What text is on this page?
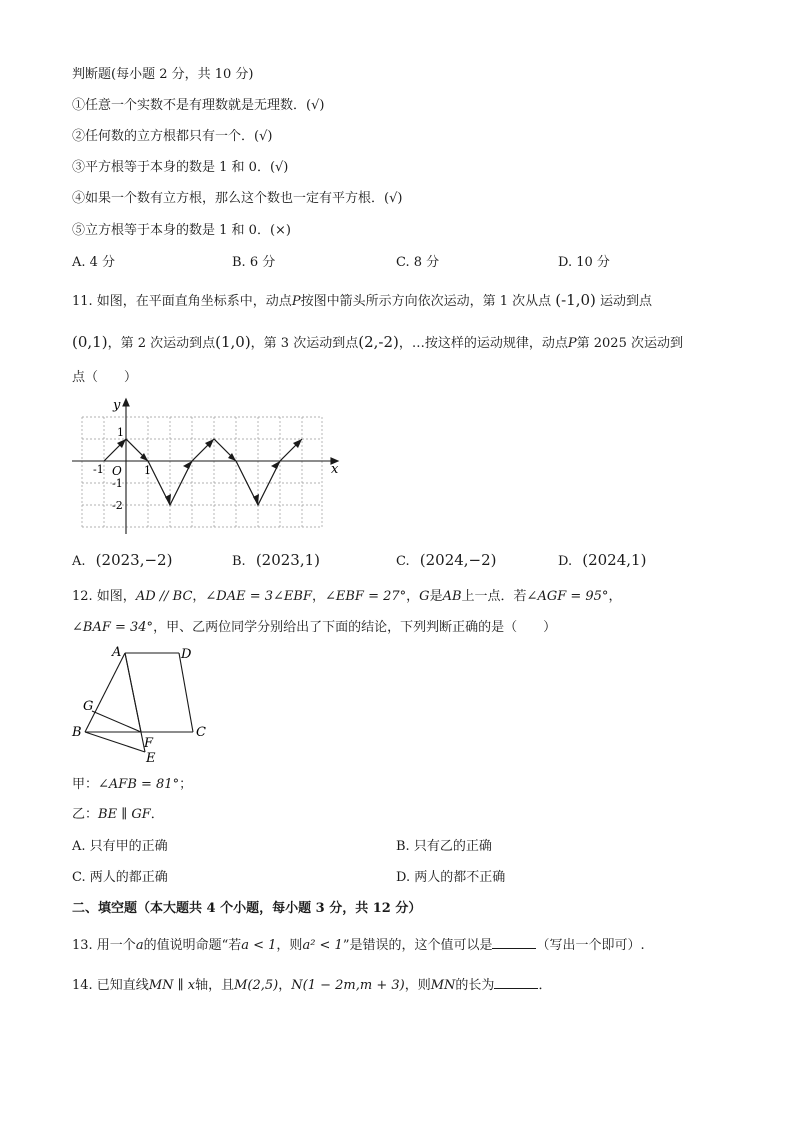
判断题(每小题 2 分，共 10 分)
①任意一个实数不是有理数就是无理数．(√)
②任何数的立方根都只有一个．(√)
③平方根等于本身的数是 1 和 0．(√)
④如果一个数有立方根，那么这个数也一定有平方根．(√)
⑤立方根等于本身的数是 1 和 0．(×)
A. 4 分	B. 6 分	C. 8 分	D. 10 分
11. 如图，在平面直角坐标系中，动点P按图中箭头所示方向依次运动，第 1 次从点 (-1,0) 运动到点
(0,1)，第 2 次运动到点(1,0)，第 3 次运动到点(2,-2)，…按这样的运动规律，动点P第 2025 次运动到
点（　　）
x
y
O
-1	1
1
-1
-2
A. (2023,−2)	B. (2023,1)	C. (2024,−2)	D. (2024,1)
12. 如图，AD // BC，∠DAE = 3∠EBF，∠EBF = 27°，G是AB上一点．若∠AGF = 95°，
∠BAF = 34°，甲、乙两位同学分别给出了下面的结论，下列判断正确的是（　　）
A	D
G
B
F
C
E
甲：∠AFB = 81°；
乙：BE ∥ GF．
A. 只有甲的正确	B. 只有乙的正确
C. 两人的都正确	D. 两人的都不正确
二、填空题（本大题共 4 个小题，每小题 3 分，共 12 分）
13. 用一个a的值说明命题“若a < 1，则a² < 1”是错误的，这个值可以是	（写出一个即可）.
14. 已知直线MN ∥ x轴，且M(2,5)，N(1 − 2m,m + 3)，则MN的长为	．
